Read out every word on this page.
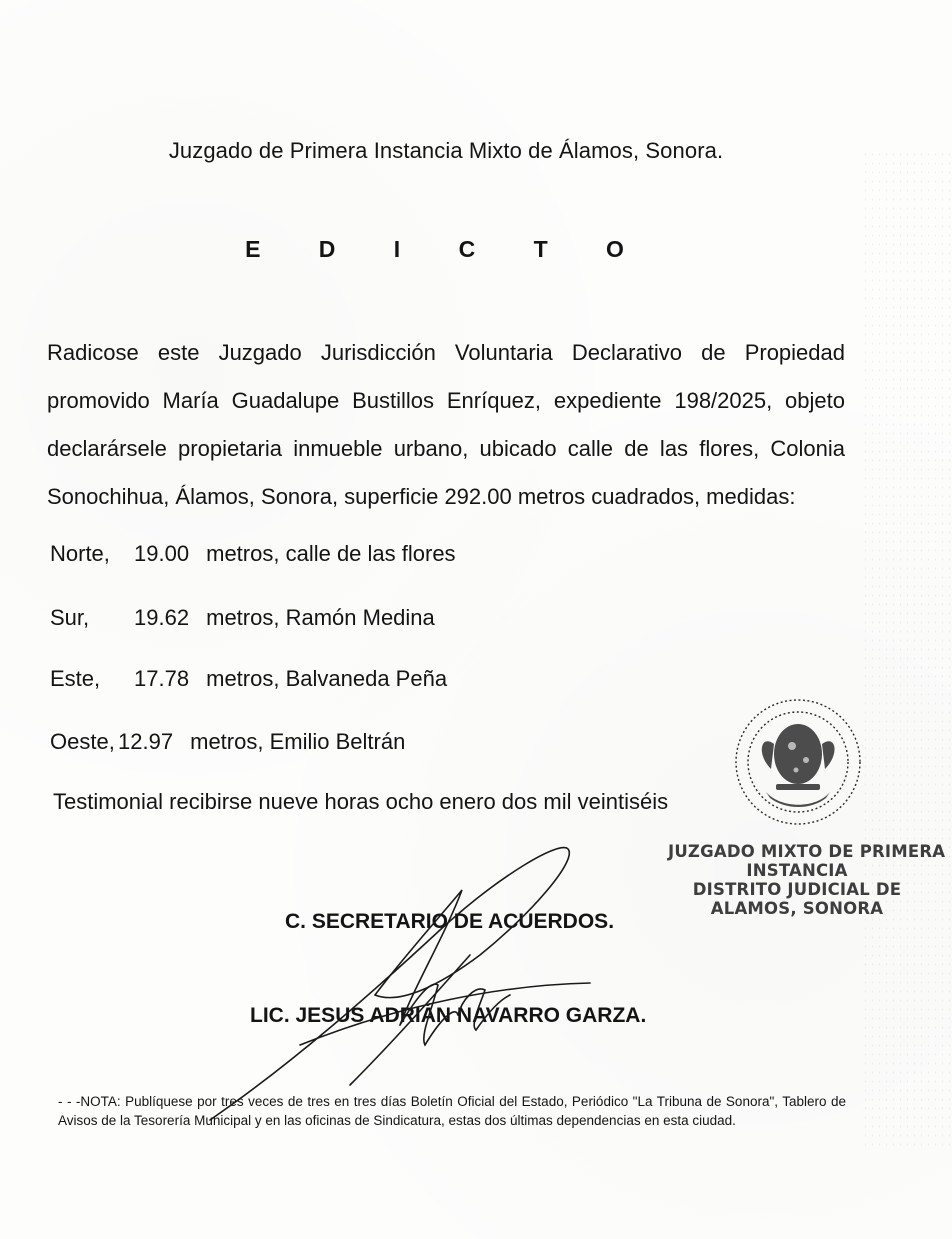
Juzgado de Primera Instancia Mixto de Álamos, Sonora.
E D I C T O
Radicose este Juzgado Jurisdicción Voluntaria Declarativo de Propiedad promovido María Guadalupe Bustillos Enríquez, expediente 198/2025, objeto declarársele propietaria inmueble urbano, ubicado calle de las flores, Colonia Sonochihua, Álamos, Sonora, superficie 292.00 metros cuadrados, medidas:
Norte, 19.00 metros, calle de las flores
Sur, 19.62 metros, Ramón Medina
Este, 17.78 metros, Balvaneda Peña
Oeste, 12.97 metros, Emilio Beltrán
Testimonial recibirse nueve horas ocho enero dos mil veintiséis
C. SECRETARIO DE ACUERDOS.
LIC. JESUS ADRIÁN NAVARRO GARZA.
JUZGADO MIXTO DE PRIMERA
INSTANCIA
DISTRITO JUDICIAL DE
ALAMOS, SONORA
- - -NOTA: Publíquese por tres veces de tres en tres días Boletín Oficial del Estado, Periódico "La Tribuna de Sonora", Tablero de Avisos de la Tesorería Municipal y en las oficinas de Sindicatura, estas dos últimas dependencias en esta ciudad.
